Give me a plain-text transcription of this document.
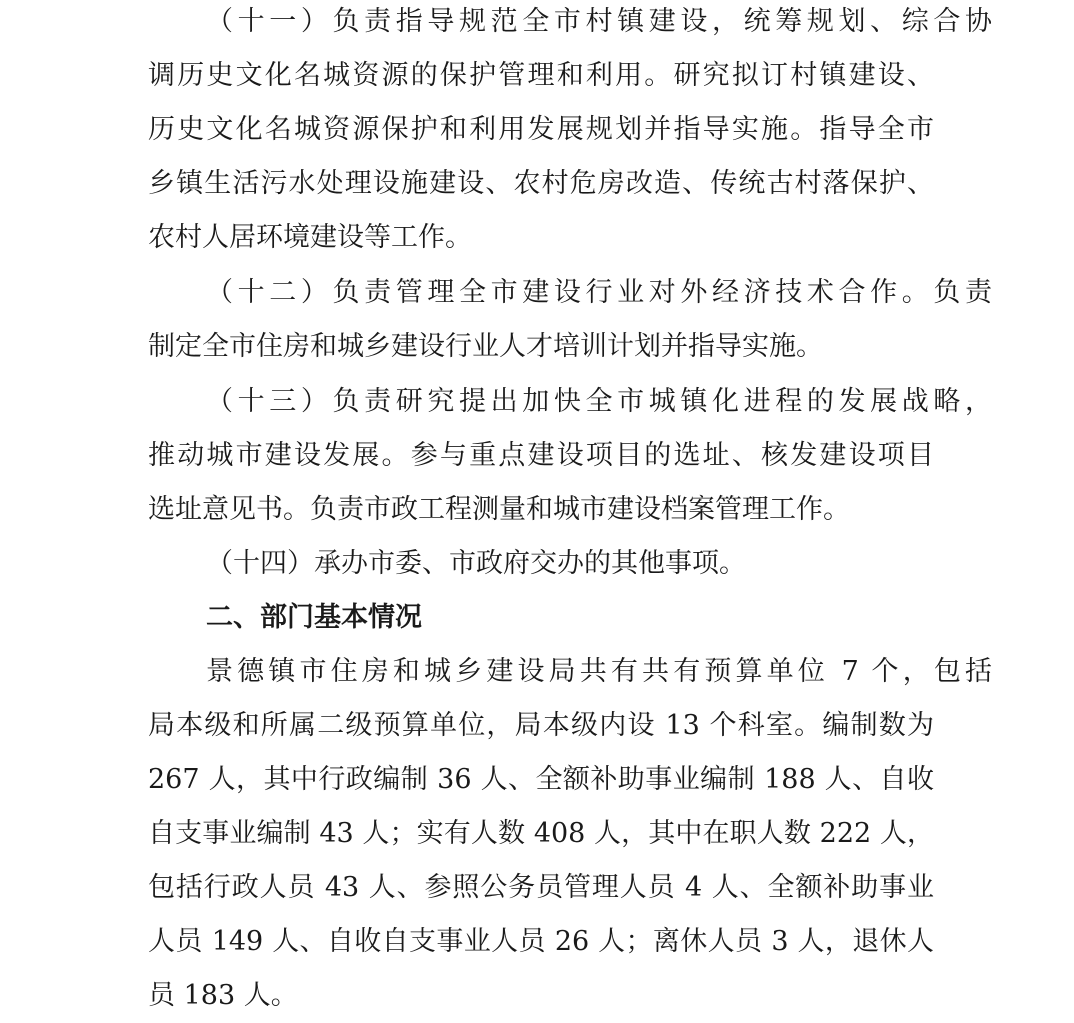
（十一）负责指导规范全市村镇建设，统筹规划、综合协
调历史文化名城资源的保护管理和利用。研究拟订村镇建设、
历史文化名城资源保护和利用发展规划并指导实施。指导全市
乡镇生活污水处理设施建设、农村危房改造、传统古村落保护、
农村人居环境建设等工作。
（十二）负责管理全市建设行业对外经济技术合作。负责
制定全市住房和城乡建设行业人才培训计划并指导实施。
（十三）负责研究提出加快全市城镇化进程的发展战略，
推动城市建设发展。参与重点建设项目的选址、核发建设项目
选址意见书。负责市政工程测量和城市建设档案管理工作。
（十四）承办市委、市政府交办的其他事项。
二、部门基本情况
景德镇市住房和城乡建设局共有共有预算单位 7 个，包括
局本级和所属二级预算单位，局本级内设 13 个科室。编制数为
267 人，其中行政编制 36 人、全额补助事业编制 188 人、自收
自支事业编制 43 人；实有人数 408 人，其中在职人数 222 人，
包括行政人员 43 人、参照公务员管理人员 4 人、全额补助事业
人员 149 人、自收自支事业人员 26 人；离休人员 3 人，退休人
员 183 人。
